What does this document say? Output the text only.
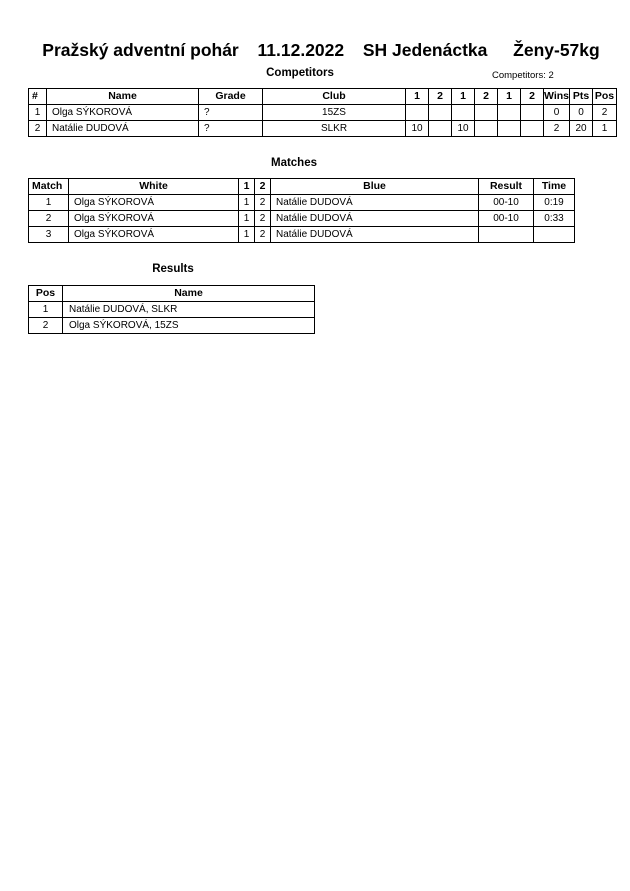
Pražský adventní pohár 11.12.2022 SH Jedenáctka Ženy-57kg
Competitors	Competitors: 2
#	Name	Grade	Club	1	2	1	2	1	2	Wins	Pts	Pos
1	Olga SÝKOROVÁ	?	15ZS							0	0	2
2	Natálie DUDOVÁ	?	SLKR	10		10				2	20	1
Matches
Match	White	1	2	Blue	Result	Time
1	Olga SÝKOROVÁ	1	2	Natálie DUDOVÁ	00-10	0:19
2	Olga SÝKOROVÁ	1	2	Natálie DUDOVÁ	00-10	0:33
3	Olga SÝKOROVÁ	1	2	Natálie DUDOVÁ		
Results
Pos	Name
1	Natálie DUDOVÁ, SLKR
2	Olga SÝKOROVÁ, 15ZS
